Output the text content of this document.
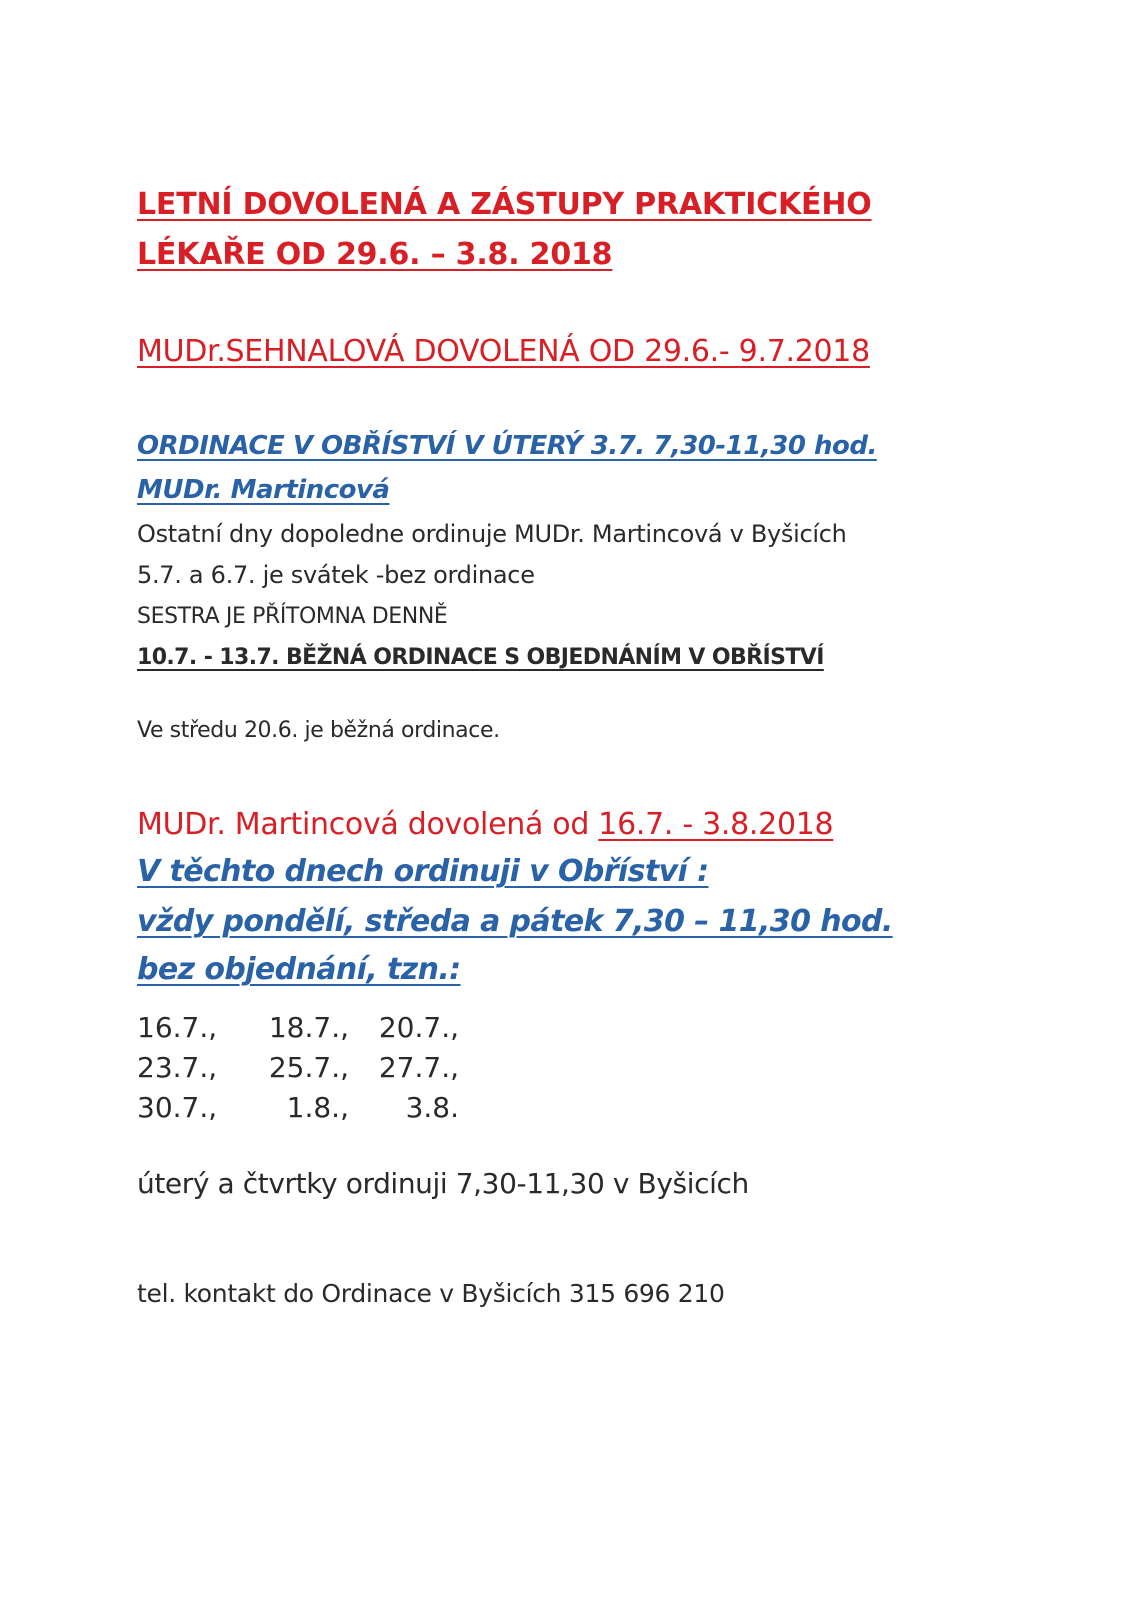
LETNÍ DOVOLENÁ A ZÁSTUPY PRAKTICKÉHO
LÉKAŘE OD 29.6. – 3.8. 2018
MUDr.SEHNALOVÁ DOVOLENÁ OD 29.6.- 9.7.2018
ORDINACE V OBŘÍSTVÍ V ÚTERÝ 3.7. 7,30-11,30 hod.
MUDr. Martincová
Ostatní dny dopoledne ordinuje MUDr. Martincová v Byšicích
5.7. a 6.7. je svátek -bez ordinace
SESTRA JE PŘÍTOMNA DENNĚ
10.7. - 13.7. BĚŽNÁ ORDINACE S OBJEDNÁNÍM V OBŘÍSTVÍ
Ve středu 20.6. je běžná ordinace.
MUDr. Martincová dovolená od 16.7. - 3.8.2018
V těchto dnech ordinuji v Obříství :
vždy pondělí, středa a pátek 7,30 – 11,30 hod.
bez objednání, tzn.:
16.7.,	18.7.,	20.7.,
23.7.,	25.7.,	27.7.,
30.7.,	1.8.,	3.8.
úterý a čtvrtky ordinuji 7,30-11,30 v Byšicích
tel. kontakt do Ordinace v Byšicích 315 696 210
